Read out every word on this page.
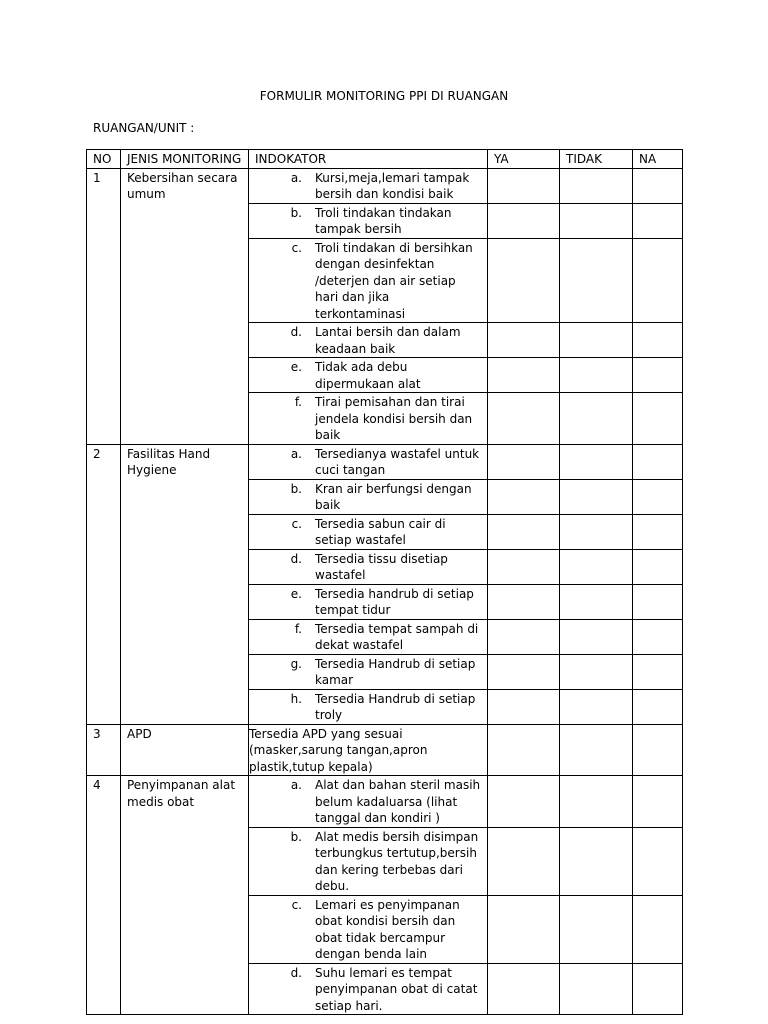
FORMULIR MONITORING PPI DI RUANGAN
RUANGAN/UNIT :
NO	JENIS MONITORING	INDOKATOR	YA	TIDAK	NA
1	Kebersihan secara umum	a. Kursi,meja,lemari tampak bersih dan kondisi baik			

		b. Troli tindakan tindakan tampak bersih			

		c. Troli tindakan di bersihkan dengan desinfektan /deterjen dan air setiap hari dan jika terkontaminasi			

		d. Lantai bersih dan dalam keadaan baik			

		e. Tidak ada debu dipermukaan alat			

		f. Tirai pemisahan dan tirai jendela kondisi bersih dan baik			

2	Fasilitas Hand Hygiene	a. Tersedianya wastafel untuk cuci tangan			

		b. Kran air berfungsi dengan baik			

		c. Tersedia sabun cair di setiap wastafel			

		d. Tersedia tissu disetiap wastafel			

		e. Tersedia handrub di setiap tempat tidur			

		f. Tersedia tempat sampah di dekat wastafel			

		g. Tersedia Handrub di setiap kamar			

		h. Tersedia Handrub di setiap troly			

3	APD	Tersedia APD yang sesuai (masker,sarung tangan,apron plastik,tutup kepala)			
4	Penyimpanan alat medis obat	a. Alat dan bahan steril masih belum kadaluarsa (lihat tanggal dan kondiri )			

		b. Alat medis bersih disimpan terbungkus tertutup,bersih dan kering terbebas dari debu.			

		c. Lemari es penyimpanan obat kondisi bersih dan obat tidak bercampur dengan benda lain			

		d. Suhu lemari es tempat penyimpanan obat di catat setiap hari.			
